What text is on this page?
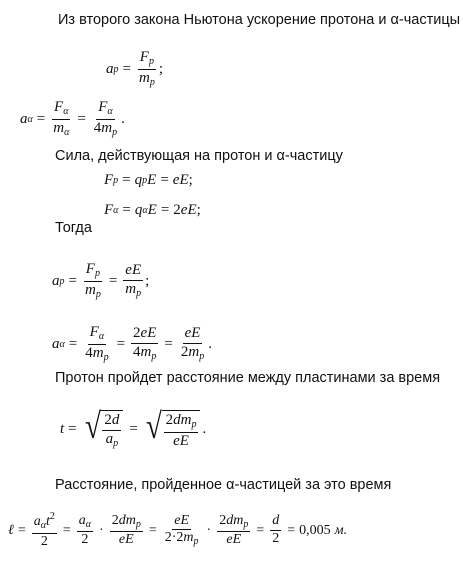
Из второго закона Ньютона ускорение протона и α-частицы
a $p = \frac{F_p}{m_p}$ ;
a $\alpha = \frac{F_\alpha}{m_\alpha} = \frac{F_\alpha}{4m_p}$ .
Сила, действующая на протон и α-частицу
F p = q p E = eE ;
F α = q α E = 2 eE ;
Тогда
a $p = \frac{F_p}{m_p} = \frac{eE}{m_p}$ ;
a $\alpha = \frac{F_\alpha}{4m_p} = \frac{2eE}{4m_p} = \frac{eE}{2m_p}$ .
Протон пройдет расстояние между пластинами за время
t = √ $\frac{2d}{a_p}$ = √ $\frac{2dm_p}{eE}$ .
Расстояние, пройденное α-частицей за это время
ℓ = $\frac{a_\alpha t^2}{2} = \frac{a_\alpha}{2} \cdot \frac{2dm_p}{eE} = \frac{eE}{2\cdot 2m_p} \cdot \frac{2dm_p}{eE} = \frac{d}{2} = 0,005$ м.
